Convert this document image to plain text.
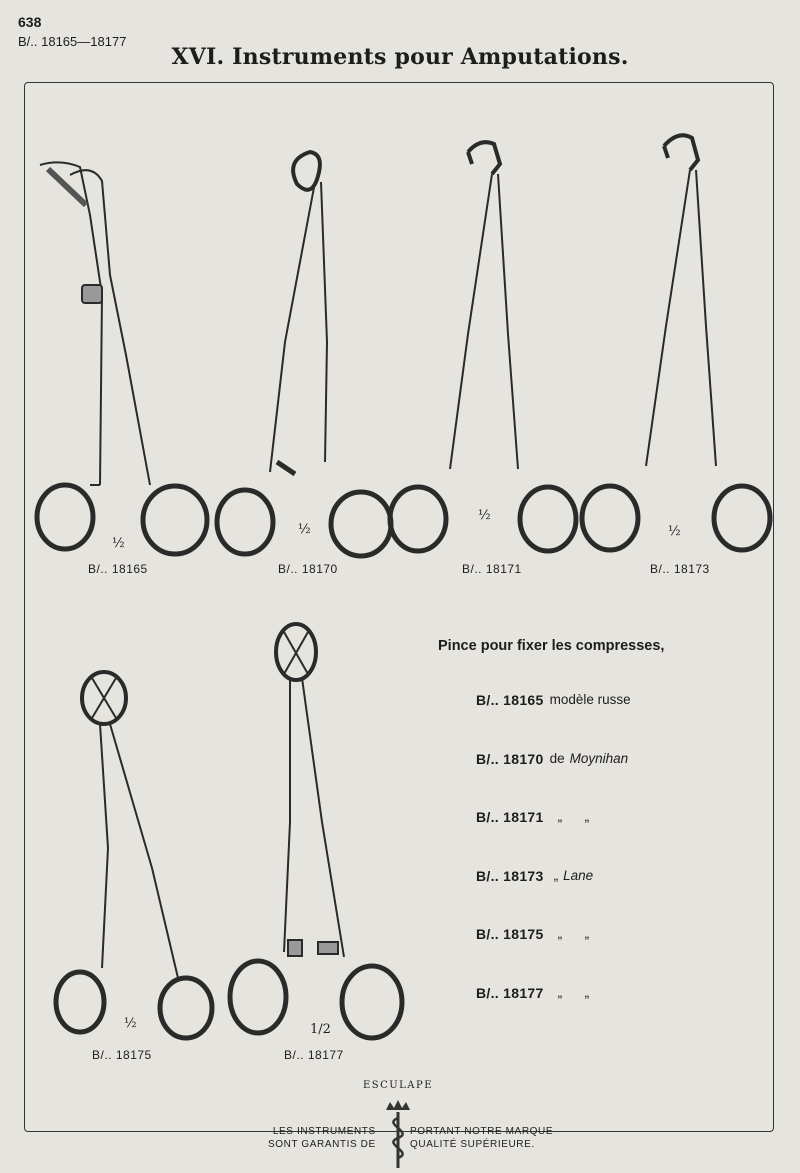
638
B/.. 18165—18177
XVI. Instruments pour Amputations.
½
B/.. 18165
½
B/.. 18170
½
B/.. 18171
½
B/.. 18173
½
B/.. 18175
1/2
B/.. 18177
Pince pour fixer les compresses,
B/.. 18165 modèle russe
B/.. 18170 de Moynihan
B/.. 18171 „      „
B/.. 18173 „ Lane
B/.. 18175 „      „
B/.. 18177 „      „
LES INSTRUMENTS
SONT GARANTIS DE
PORTANT NOTRE MARQUE
QUALITÉ SUPÉRIEURE.
ESCULAPE
